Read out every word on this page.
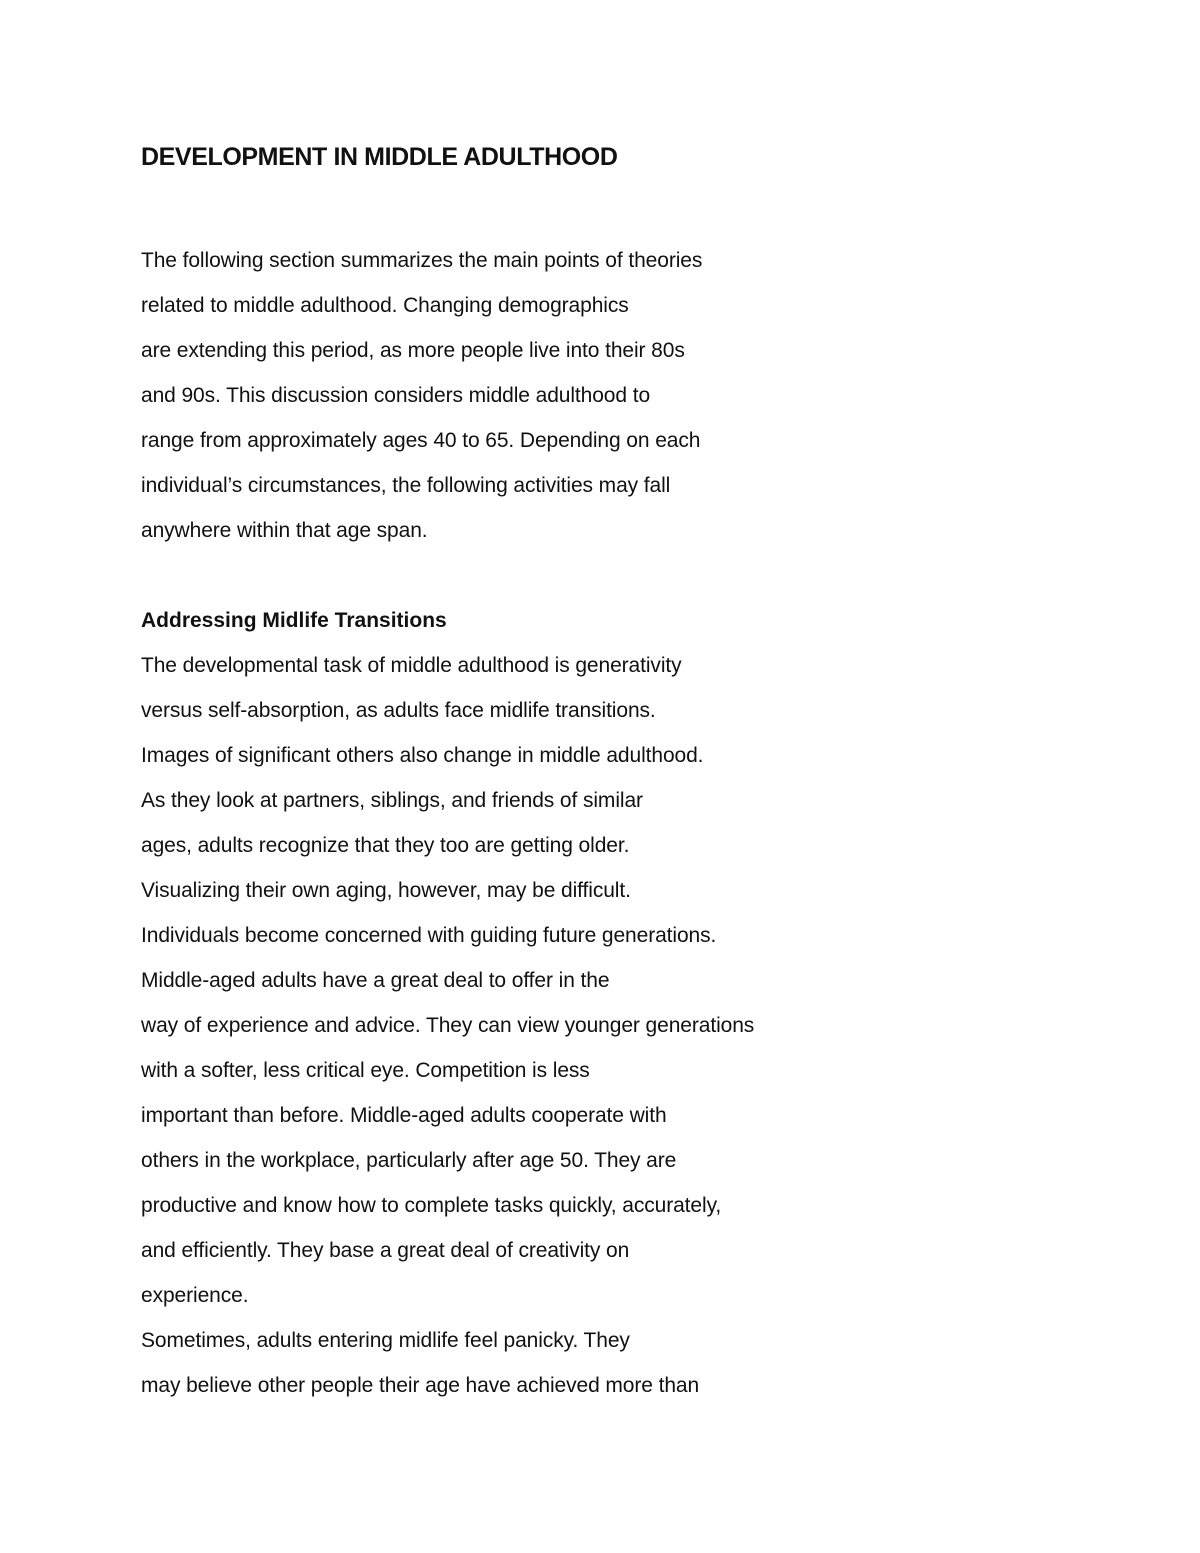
DEVELOPMENT IN MIDDLE ADULTHOOD
The following section summarizes the main points of theories
related to middle adulthood. Changing demographics
are extending this period, as more people live into their 80s
and 90s. This discussion considers middle adulthood to
range from approximately ages 40 to 65. Depending on each
individual’s circumstances, the following activities may fall
anywhere within that age span.
Addressing Midlife Transitions
The developmental task of middle adulthood is generativity
versus self-absorption, as adults face midlife transitions.
Images of significant others also change in middle adulthood.
As they look at partners, siblings, and friends of similar
ages, adults recognize that they too are getting older.
Visualizing their own aging, however, may be difficult.
Individuals become concerned with guiding future generations.
Middle-aged adults have a great deal to offer in the
way of experience and advice. They can view younger generations
with a softer, less critical eye. Competition is less
important than before. Middle-aged adults cooperate with
others in the workplace, particularly after age 50. They are
productive and know how to complete tasks quickly, accurately,
and efficiently. They base a great deal of creativity on
experience.
Sometimes, adults entering midlife feel panicky. They
may believe other people their age have achieved more than
